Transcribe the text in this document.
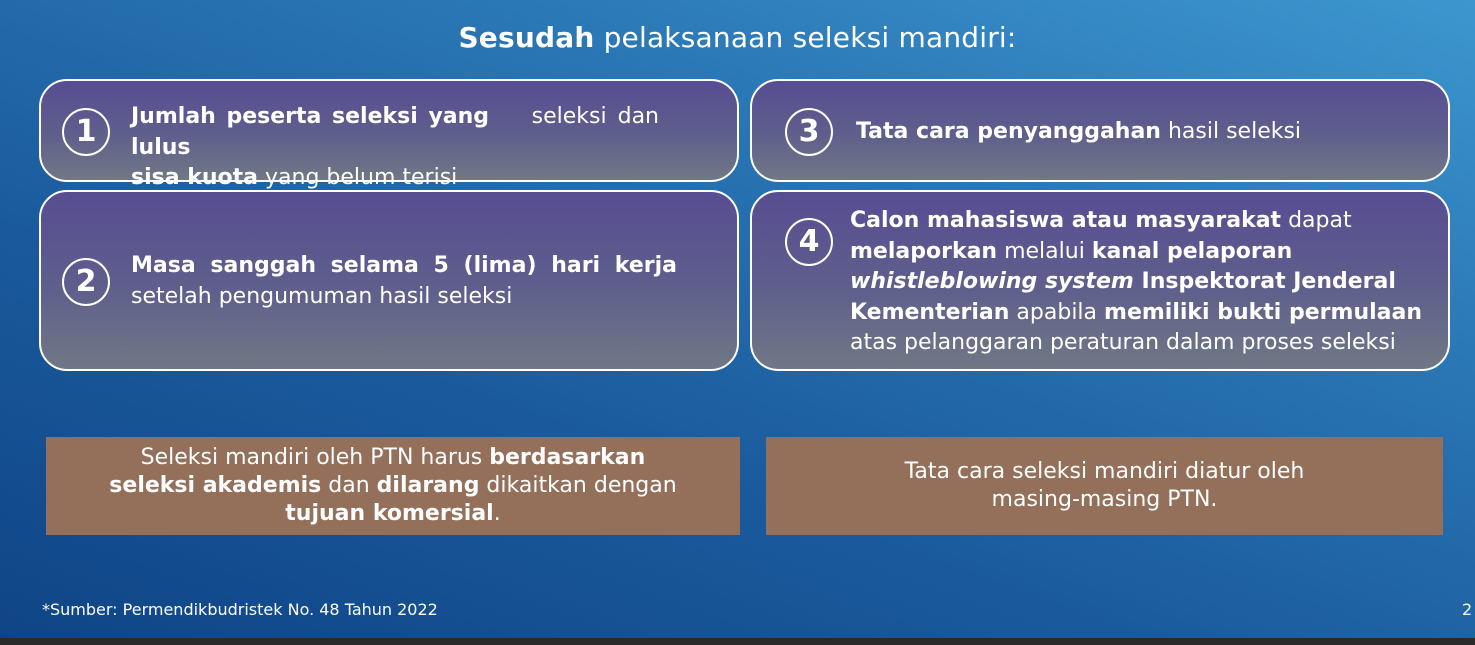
Sesudah pelaksanaan seleksi mandiri:
1	Jumlah peserta seleksi yang lulus
seleksi dan
sisa kuota yang belum terisi
2	Masa sanggah selama 5 (lima) hari kerja
setelah pengumuman hasil seleksi
3	Tata cara penyanggahan hasil seleksi
4
Calon mahasiswa atau masyarakat dapat
melaporkan melalui kanal pelaporan
whistleblowing system Inspektorat Jenderal
Kementerian apabila memiliki bukti permulaan
atas pelanggaran peraturan dalam proses seleksi
Seleksi mandiri oleh PTN harus berdasarkan
seleksi akademis dan dilarang dikaitkan dengan
tujuan komersial.
Tata cara seleksi mandiri diatur oleh
masing-masing PTN.
*Sumber: Permendikbudristek No. 48 Tahun 2022	2
